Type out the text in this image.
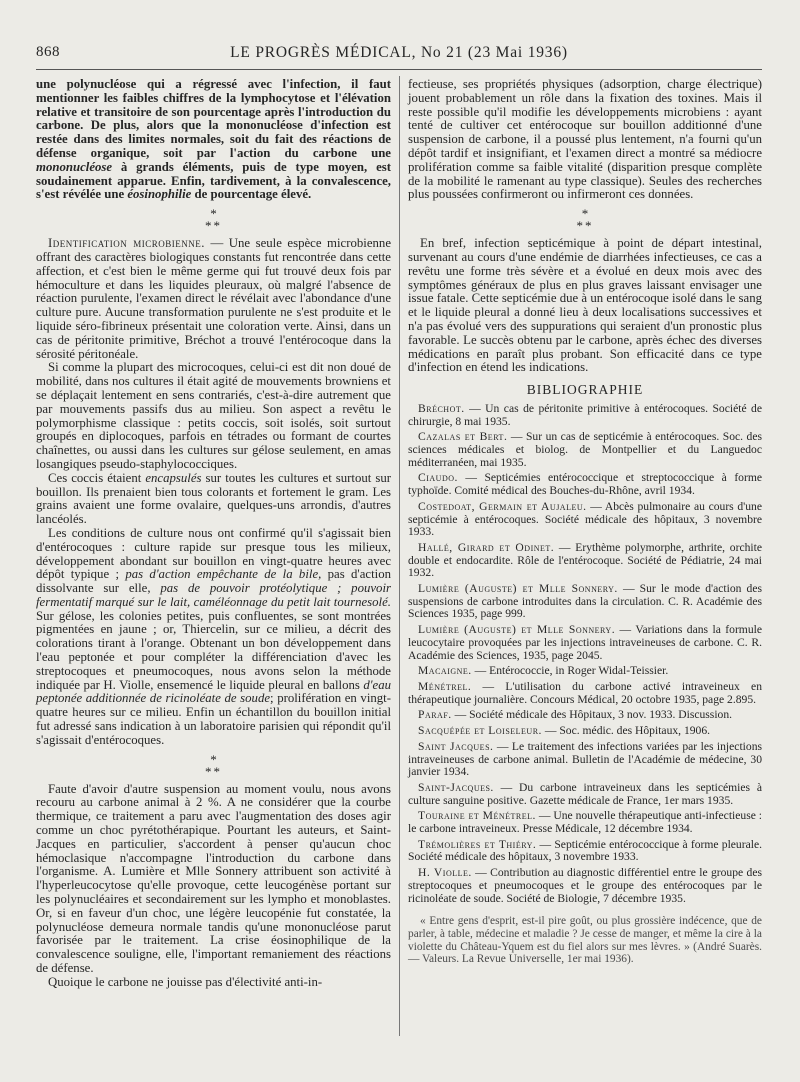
868	LE PROGRÈS MÉDICAL, No 21 (23 Mai 1936)

une polynucléose qui a régressé avec l'infection, il faut mentionner les faibles chiffres de la lymphocytose et l'élévation relative et transitoire de son pourcentage après l'introduction du carbone. De plus, alors que la mononucléose d'infection est restée dans des limites normales, soit du fait des réactions de défense organique, soit par l'action du carbone une mononucléose à grands éléments, puis de type moyen, est soudainement apparue. Enfin, tardivement, à la convalescence, s'est révélée une éosinophilie de pourcentage élevé.

*
**

Identification microbienne. — Une seule espèce microbienne offrant des caractères biologiques constants fut rencontrée dans cette affection, et c'est bien le même germe qui fut trouvé deux fois par hémoculture et dans les liquides pleuraux, où malgré l'absence de réaction purulente, l'examen direct le révélait avec l'abondance d'une culture pure. Aucune transformation purulente ne s'est produite et le liquide séro-fibrineux présentait une coloration verte. Ainsi, dans un cas de péritonite primitive, Bréchot a trouvé l'entérocoque dans la sérosité péritonéale.

Si comme la plupart des microcoques, celui-ci est dit non doué de mobilité, dans nos cultures il était agité de mouvements browniens et se déplaçait lentement en sens contrariés, c'est-à-dire autrement que par mouvements passifs dus au milieu. Son aspect a revêtu le polymorphisme classique : petits coccis, soit isolés, soit surtout groupés en diplocoques, parfois en tétrades ou formant de courtes chaînettes, ou aussi dans les cultures sur gélose seulement, en amas losangiques pseudo-staphylococciques.

Ces coccis étaient encapsulés sur toutes les cultures et surtout sur bouillon. Ils prenaient bien tous colorants et fortement le gram. Les grains avaient une forme ovalaire, quelques-uns arrondis, d'autres lancéolés.

Les conditions de culture nous ont confirmé qu'il s'agissait bien d'entérocoques : culture rapide sur presque tous les milieux, développement abondant sur bouillon en vingt-quatre heures avec dépôt typique ; pas d'action empêchante de la bile, pas d'action dissolvante sur elle, pas de pouvoir protéolytique ; pouvoir fermentatif marqué sur le lait, caméléonnage du petit lait tournesolé. Sur gélose, les colonies petites, puis confluentes, se sont montrées pigmentées en jaune ; or, Thiercelin, sur ce milieu, a décrit des colorations tirant à l'orange. Obtenant un bon développement dans l'eau peptonée et pour compléter la différenciation d'avec les streptocoques et pneumocoques, nous avons selon la méthode indiquée par H. Violle, ensemencé le liquide pleural en ballons d'eau peptonée additionnée de ricinoléate de soude; prolifération en vingt-quatre heures sur ce milieu. Enfin un échantillon du bouillon initial fut adressé sans indication à un laboratoire parisien qui répondit qu'il s'agissait d'entérocoques.

*
**

Faute d'avoir d'autre suspension au moment voulu, nous avons recouru au carbone animal à 2 %. A ne considérer que la courbe thermique, ce traitement a paru avec l'augmentation des doses agir comme un choc pyrétothérapique. Pourtant les auteurs, et Saint-Jacques en particulier, s'accordent à penser qu'aucun choc hémoclasique n'accompagne l'introduction du carbone dans l'organisme. A. Lumière et Mlle Sonnery attribuent son activité à l'hyperleucocytose qu'elle provoque, cette leucogénèse portant sur les polynucléaires et secondairement sur les lympho et monoblastes. Or, si en faveur d'un choc, une légère leucopénie fut constatée, la polynucléose demeura normale tandis qu'une mononucléose parut favorisée par le traitement. La crise éosinophilique de la convalescence souligne, elle, l'important remaniement des réactions de défense.

Quoique le carbone ne jouisse pas d'électivité anti-in-

fectieuse, ses propriétés physiques (adsorption, charge électrique) jouent probablement un rôle dans la fixation des toxines. Mais il reste possible qu'il modifie les développements microbiens : ayant tenté de cultiver cet entérocoque sur bouillon additionné d'une suspension de carbone, il a poussé plus lentement, n'a fourni qu'un dépôt tardif et insignifiant, et l'examen direct a montré sa médiocre prolifération comme sa faible vitalité (disparition presque complète de la mobilité le ramenant au type classique). Seules des recherches plus poussées confirmeront ou infirmeront ces données.

*
**

En bref, infection septicémique à point de départ intestinal, survenant au cours d'une endémie de diarrhées infectieuses, ce cas a revêtu une forme très sévère et a évolué en deux mois avec des symptômes généraux de plus en plus graves laissant envisager une issue fatale. Cette septicémie due à un entérocoque isolé dans le sang et le liquide pleural a donné lieu à deux localisations successives et n'a pas évolué vers des suppurations qui seraient d'un pronostic plus favorable. Le succès obtenu par le carbone, après échec des diverses médications en paraît plus probant. Son efficacité dans ce type d'infection en étend les indications.

BIBLIOGRAPHIE

Bréchot. — Un cas de péritonite primitive à entérocoques. Société de chirurgie, 8 mai 1935.

Cazalas et Bert. — Sur un cas de septicémie à entérocoques. Soc. des sciences médicales et biolog. de Montpellier et du Languedoc méditerranéen, mai 1935.

Ciaudo. — Septicémies entérococcique et streptococcique à forme typhoïde. Comité médical des Bouches-du-Rhône, avril 1934.

Costedoat, Germain et Aujaleu. — Abcès pulmonaire au cours d'une septicémie à entérocoques. Société médicale des hôpitaux, 3 novembre 1933.

Hallé, Girard et Odinet. — Erythème polymorphe, arthrite, orchite double et endocardite. Rôle de l'entérocoque. Société de Pédiatrie, 24 mai 1932.

Lumière (Auguste) et Mlle Sonnery. — Sur le mode d'action des suspensions de carbone introduites dans la circulation. C. R. Académie des Sciences 1935, page 999.

Lumière (Auguste) et Mlle Sonnery. — Variations dans la formule leucocytaire provoquées par les injections intraveineuses de carbone. C. R. Académie des Sciences, 1935, page 2045.

Macaigne. — Entérococcie, in Roger Widal-Teissier.

Ménétrel. — L'utilisation du carbone activé intraveineux en thérapeutique journalière. Concours Médical, 20 octobre 1935, page 2.895.

Paraf. — Société médicale des Hôpitaux, 3 nov. 1933. Discussion.

Sacquépée et Loiseleur. — Soc. médic. des Hôpitaux, 1906.

Saint Jacques. — Le traitement des infections variées par les injections intraveineuses de carbone animal. Bulletin de l'Académie de médecine, 30 janvier 1934.

Saint-Jacques. — Du carbone intraveineux dans les septicémies à culture sanguine positive. Gazette médicale de France, 1er mars 1935.

Touraine et Ménétrel. — Une nouvelle thérapeutique anti-infectieuse : le carbone intraveineux. Presse Médicale, 12 décembre 1934.

Trémolières et Thiéry. — Septicémie entérococcique à forme pleurale. Société médicale des hôpitaux, 3 novembre 1933.

H. Violle. — Contribution au diagnostic différentiel entre le groupe des streptocoques et pneumocoques et le groupe des entérocoques par le ricinoléate de soude. Société de Biologie, 7 décembre 1935.

« Entre gens d'esprit, est-il pire goût, ou plus grossière indécence, que de parler, à table, médecine et maladie ? Je cesse de manger, et même la cire à la violette du Château-Yquem est du fiel alors sur mes lèvres. » (André Suarès. — Valeurs. La Revue Universelle, 1er mai 1936).
